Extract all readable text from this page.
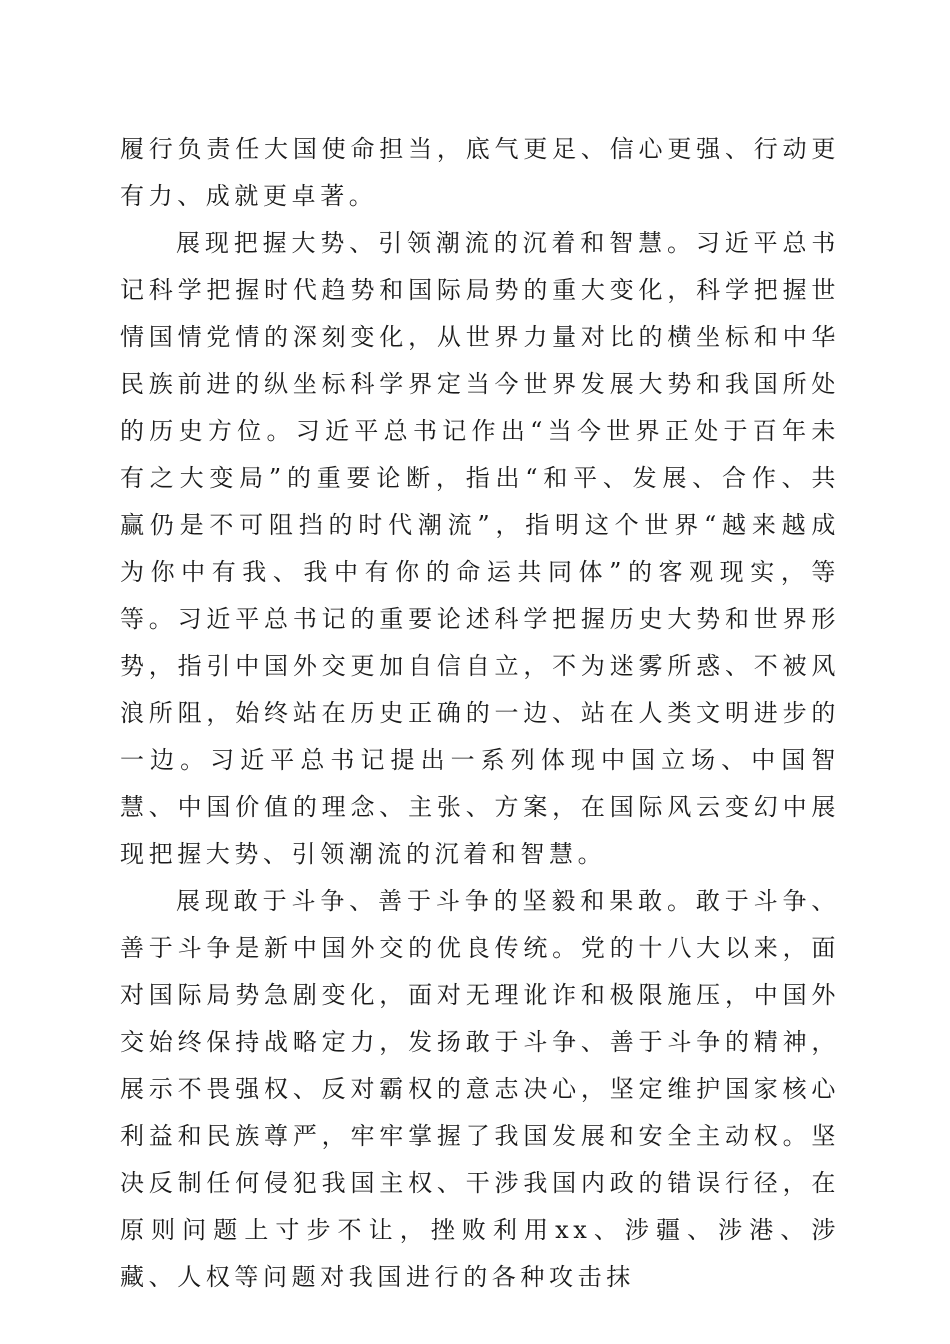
履行负责任大国使命担当，底气更足、信心更强、行动更有力、成就更卓著。

展现把握大势、引领潮流的沉着和智慧。习近平总书记科学把握时代趋势和国际局势的重大变化，科学把握世情国情党情的深刻变化，从世界力量对比的横坐标和中华民族前进的纵坐标科学界定当今世界发展大势和我国所处的历史方位。习近平总书记作出“当今世界正处于百年未有之大变局”的重要论断，指出“和平、发展、合作、共赢仍是不可阻挡的时代潮流”，指明这个世界“越来越成为你中有我、我中有你的命运共同体”的客观现实，等等。习近平总书记的重要论述科学把握历史大势和世界形势，指引中国外交更加自信自立，不为迷雾所惑、不被风浪所阻，始终站在历史正确的一边、站在人类文明进步的一边。习近平总书记提出一系列体现中国立场、中国智慧、中国价值的理念、主张、方案，在国际风云变幻中展现把握大势、引领潮流的沉着和智慧。

展现敢于斗争、善于斗争的坚毅和果敢。敢于斗争、善于斗争是新中国外交的优良传统。党的十八大以来，面对国际局势急剧变化，面对无理讹诈和极限施压，中国外交始终保持战略定力，发扬敢于斗争、善于斗争的精神，展示不畏强权、反对霸权的意志决心，坚定维护国家核心利益和民族尊严，牢牢掌握了我国发展和安全主动权。坚决反制任何侵犯我国主权、干涉我国内政的错误行径，在原则问题上寸步不让，挫败利用xx、涉疆、涉港、涉藏、人权等问题对我国进行的各种攻击抹
